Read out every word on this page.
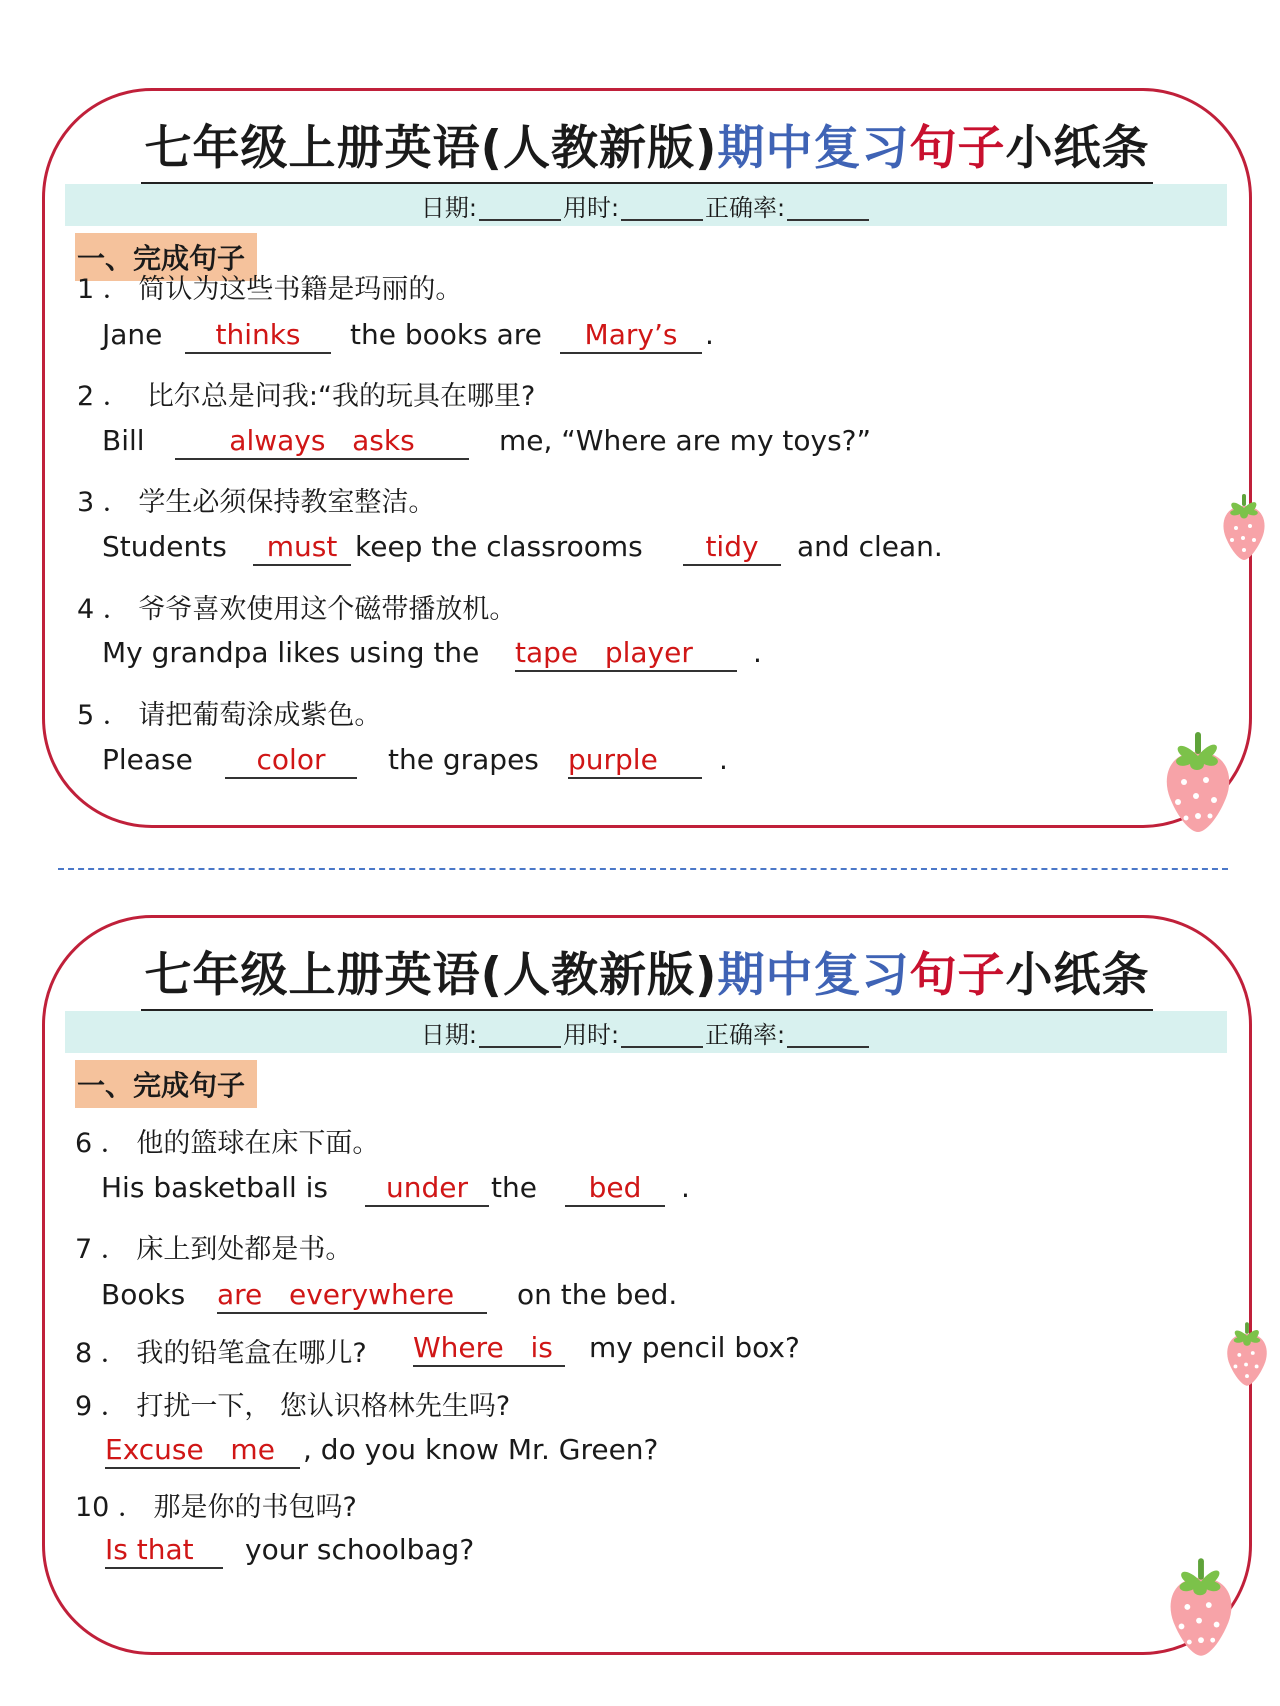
七年级上册英语(人教新版)期中复习句子小纸条
日期:	用时:	正确率:
一、完成句子
1 ． 简认为这些书籍是玛丽的。
Jane	thinks	the books are	Mary’s .
2 ．  比尔总是问我:“我的玩具在哪里?
Bill	always   asks	me, “Where are my toys?”
3 ． 学生必须保持教室整洁。
Students	must keep the classrooms	tidy	and clean.
4 ． 爷爷喜欢使用这个磁带播放机。
My grandpa likes using the tape   player	.
5 ． 请把葡萄涂成紫色。
Please	color	the grapes purple	.
七年级上册英语(人教新版)期中复习句子小纸条
日期:	用时:	正确率:
一、完成句子
6 ． 他的篮球在床下面。
His basketball is	under the	bed	.
7 ． 床上到处都是书。
Books are   everywhere	on the bed.
8 ． 我的铅笔盒在哪儿? Where   is	my pencil box?
9 ． 打扰一下， 您认识格林先生吗?
Excuse   me	, do you know Mr. Green?
10 ． 那是你的书包吗?
Is that	your schoolbag?
